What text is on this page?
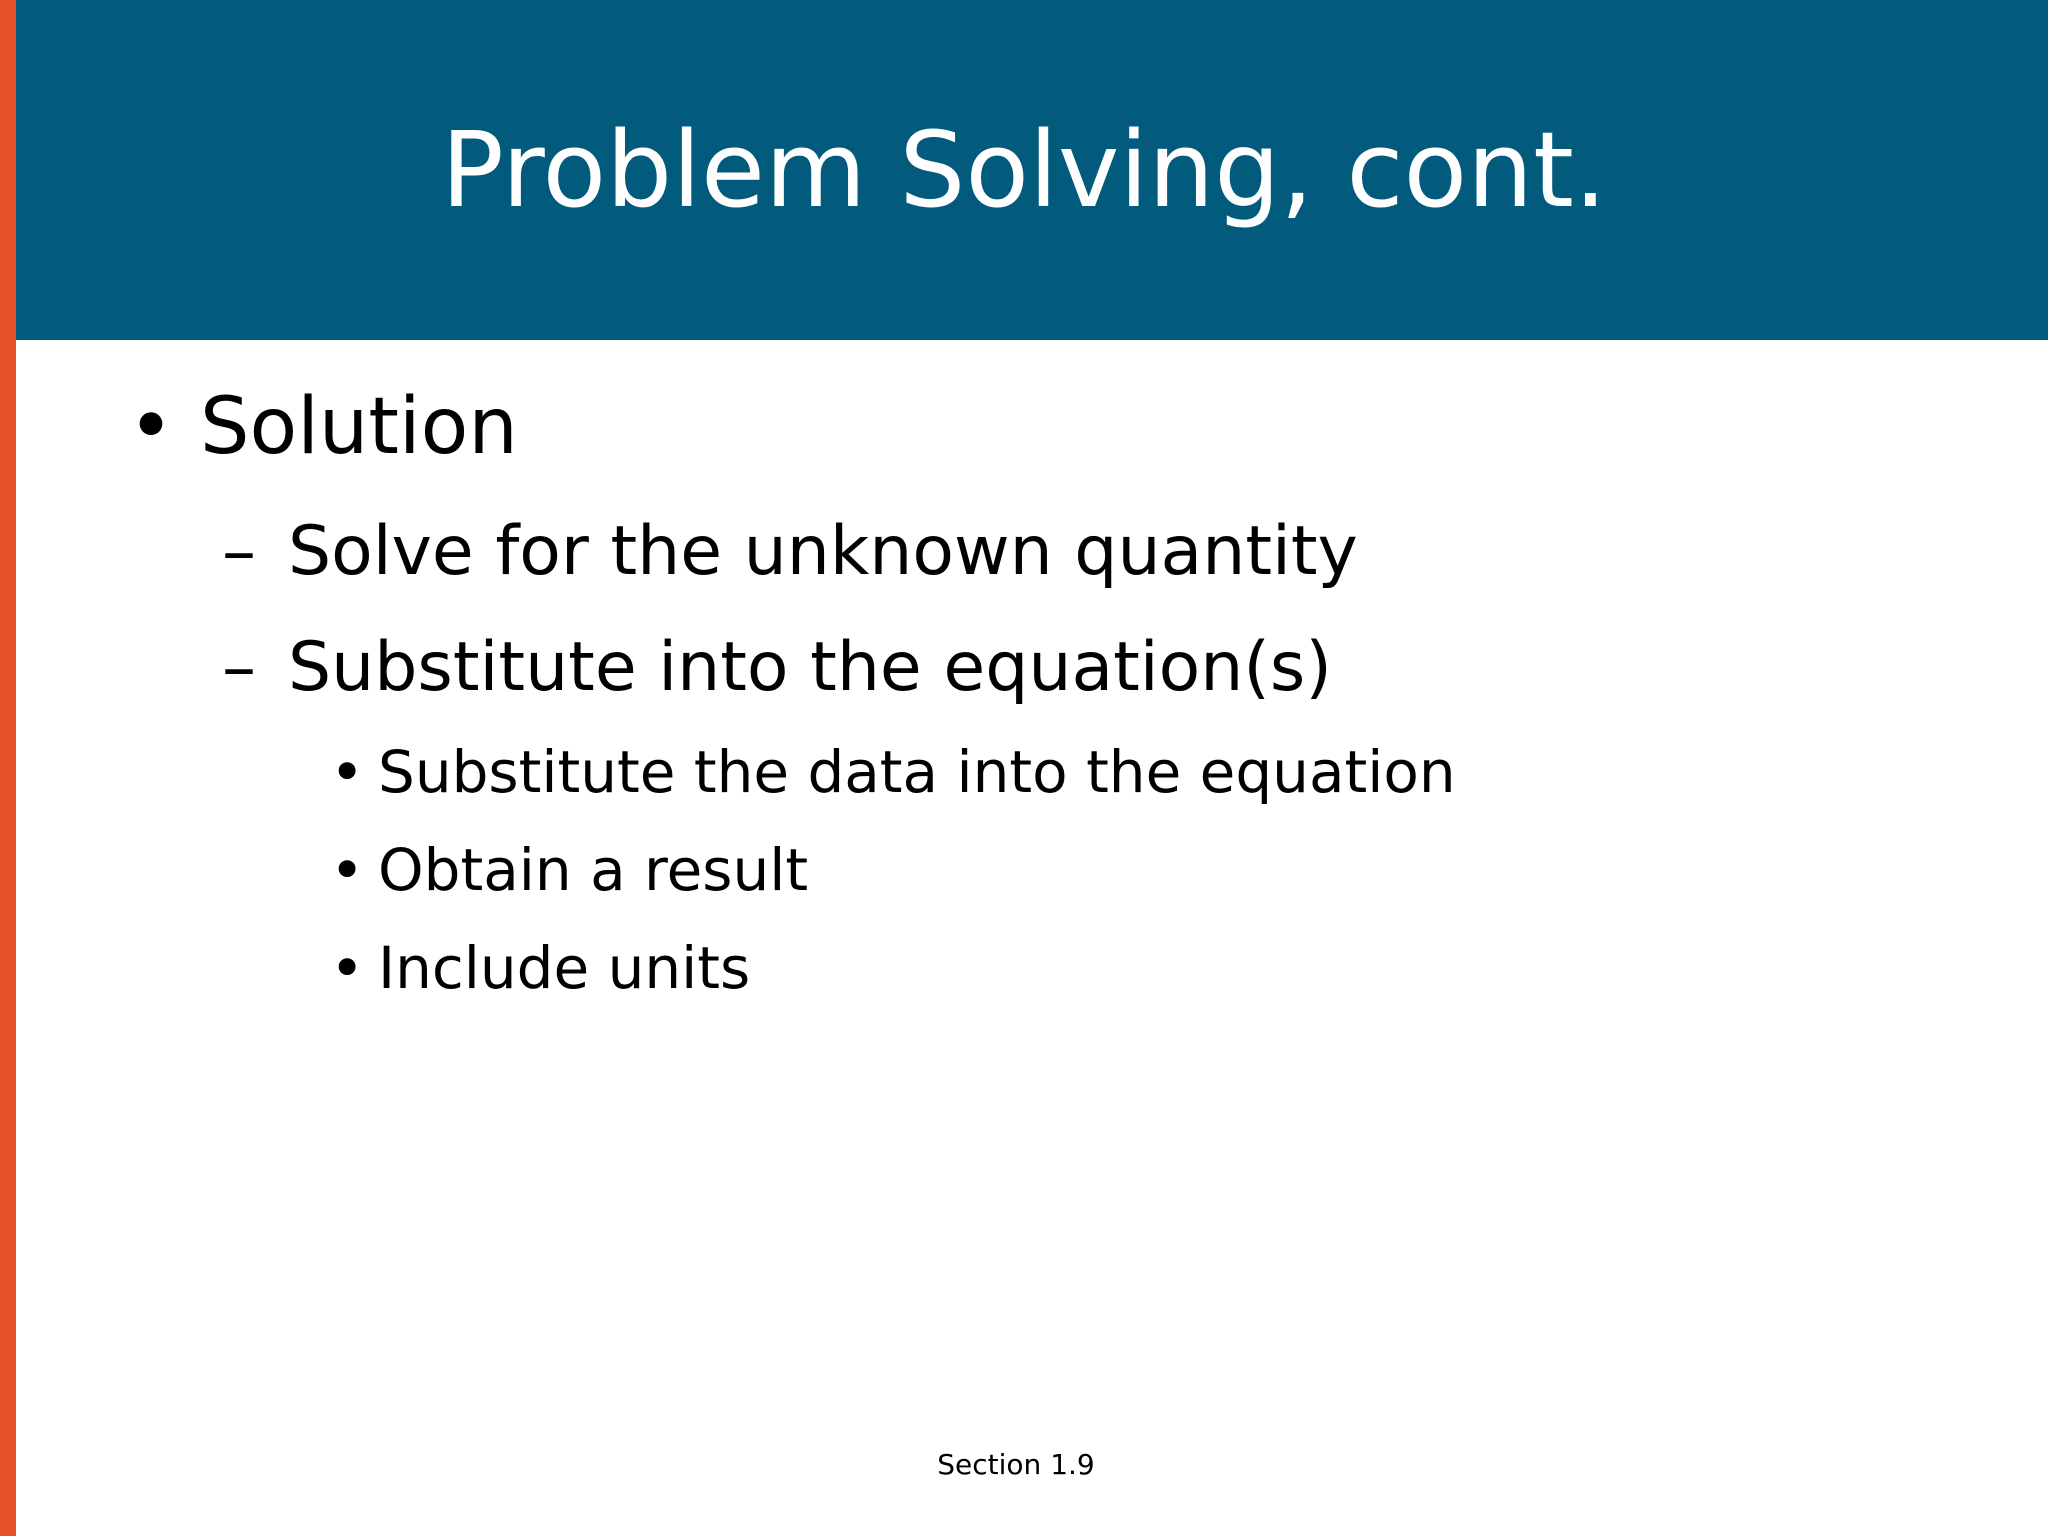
Problem Solving, cont.
• Solution
– Solve for the unknown quantity
– Substitute into the equation(s)
• Substitute the data into the equation
• Obtain a result
• Include units
Section 1.9
